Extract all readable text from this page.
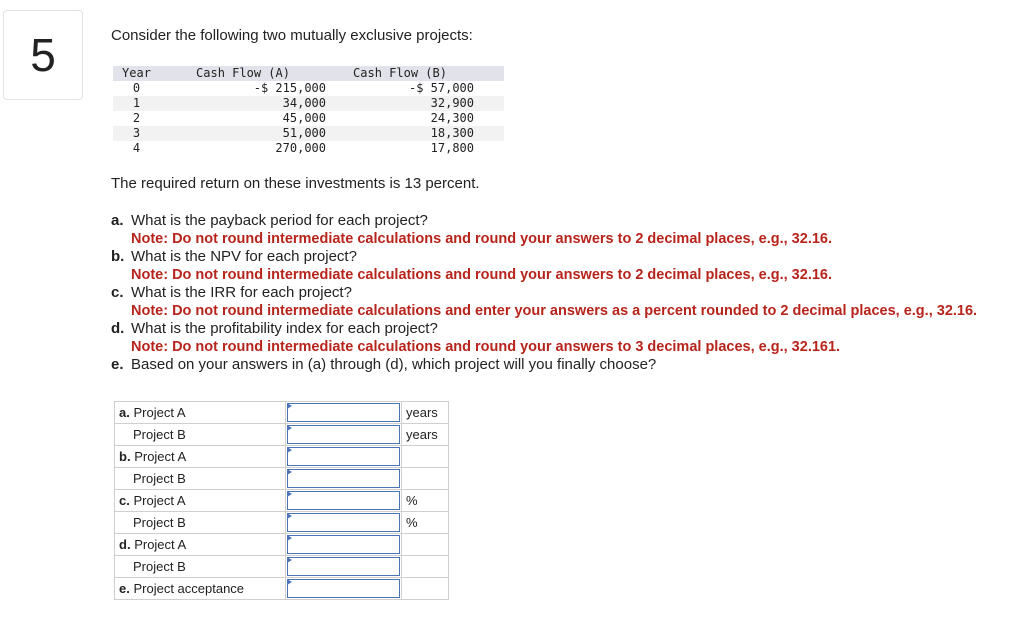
5	Consider the following two mutually exclusive projects:
Year		Cash Flow (A)	Cash Flow (B)
0		-$ 215,000	-$ 57,000
1		34,000	32,900
2		45,000	24,300
3		51,000	18,300
4		270,000	17,800
The required return on these investments is 13 percent.
a. What is the payback period for each project?
Note: Do not round intermediate calculations and round your answers to 2 decimal places, e.g., 32.16.
b. What is the NPV for each project?
Note: Do not round intermediate calculations and round your answers to 2 decimal places, e.g., 32.16.
c. What is the IRR for each project?
Note: Do not round intermediate calculations and enter your answers as a percent rounded to 2 decimal places, e.g., 32.16.
d. What is the profitability index for each project?
Note: Do not round intermediate calculations and round your answers to 3 decimal places, e.g., 32.161.
e. Based on your answers in (a) through (d), which project will you finally choose?
a. Project A		years
Project B		years
b. Project A	

Project B	

c. Project A		%
Project B		%
d. Project A	

Project B	

e. Project acceptance	
